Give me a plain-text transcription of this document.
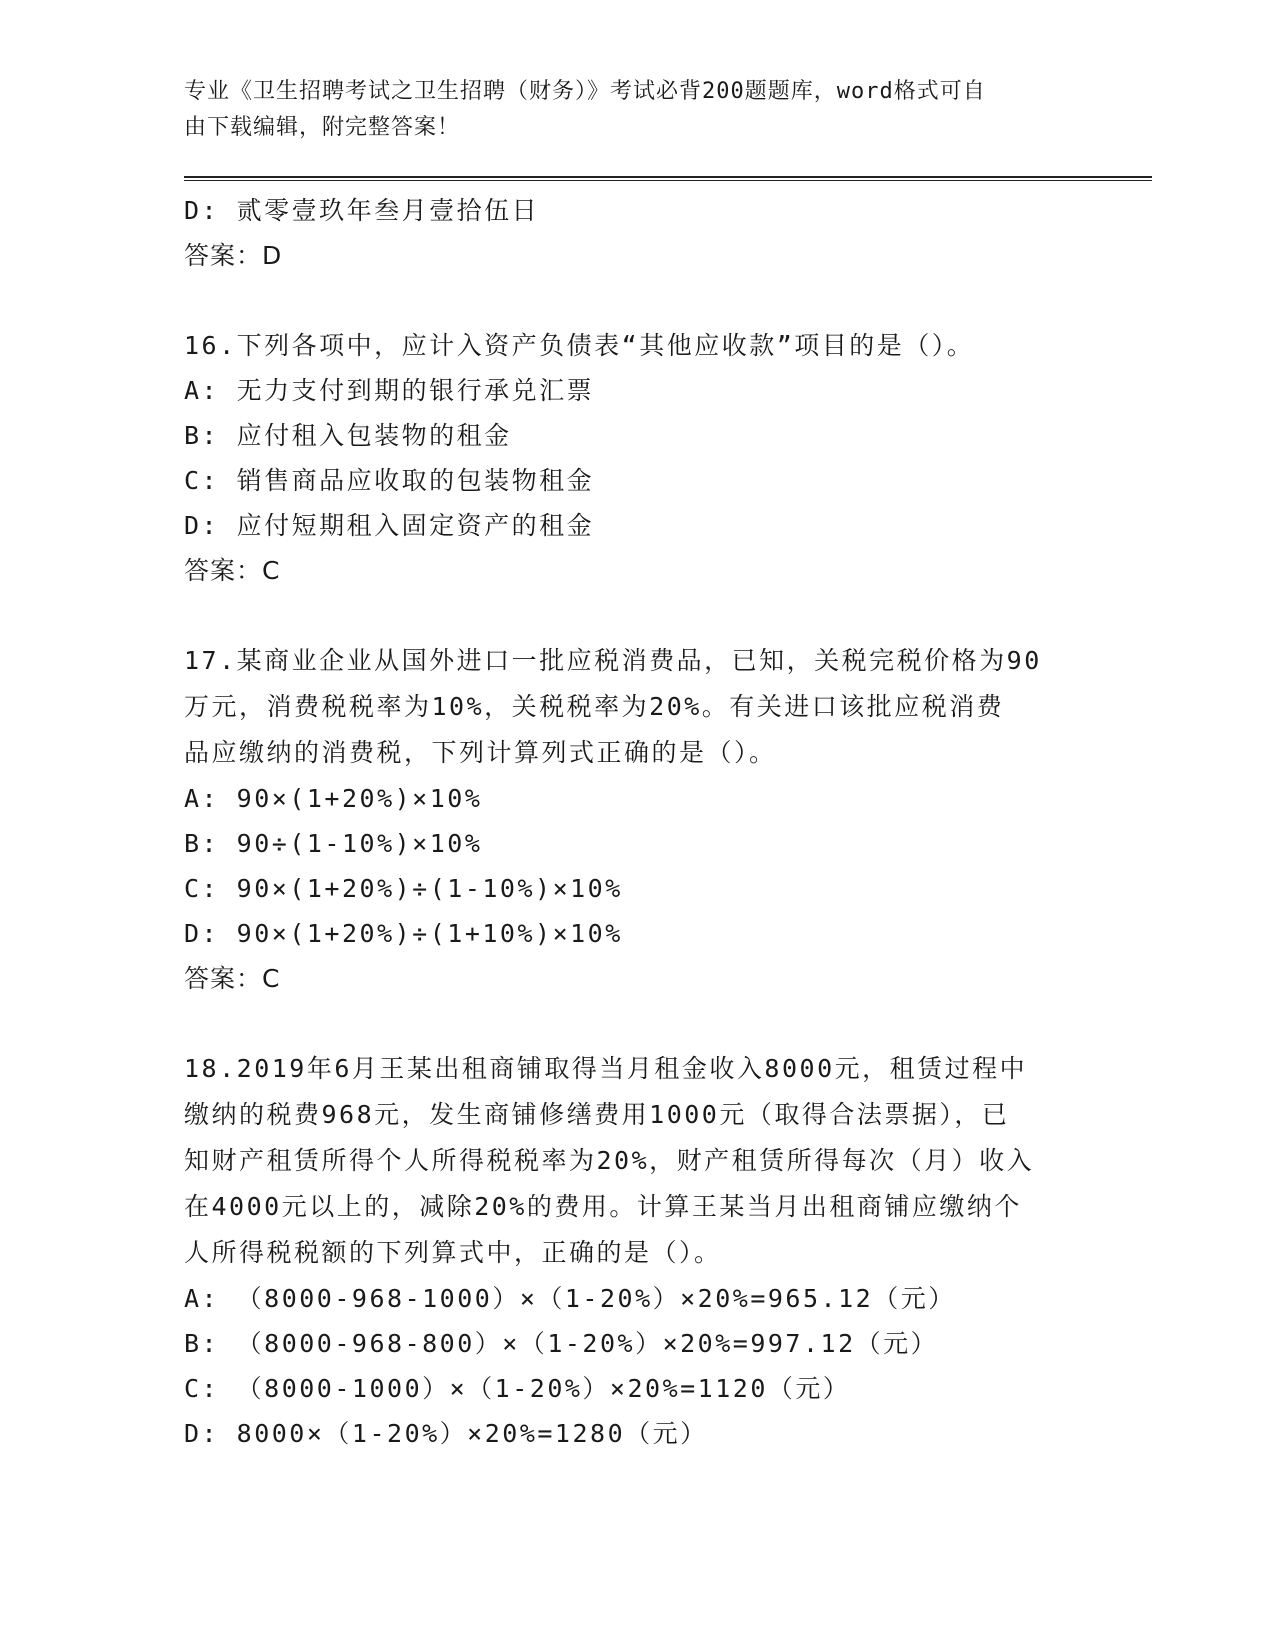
专业《卫生招聘考试之卫生招聘（财务）》考试必背200题题库，word格式可自
由下载编辑，附完整答案！
D: 贰零壹玖年叁月壹拾伍日
答案：D
16.下列各项中，应计入资产负债表“其他应收款”项目的是（）。
A: 无力支付到期的银行承兑汇票
B: 应付租入包装物的租金
C: 销售商品应收取的包装物租金
D: 应付短期租入固定资产的租金
答案：C
17.某商业企业从国外进口一批应税消费品，已知，关税完税价格为90
万元，消费税税率为10%，关税税率为20%。有关进口该批应税消费
品应缴纳的消费税，下列计算列式正确的是（）。
A: 90×(1+20%)×10%
B: 90÷(1-10%)×10%
C: 90×(1+20%)÷(1-10%)×10%
D: 90×(1+20%)÷(1+10%)×10%
答案：C
18.2019年6月王某出租商铺取得当月租金收入8000元，租赁过程中
缴纳的税费968元，发生商铺修缮费用1000元（取得合法票据），已
知财产租赁所得个人所得税税率为20%，财产租赁所得每次（月）收入
在4000元以上的，减除20%的费用。计算王某当月出租商铺应缴纳个
人所得税税额的下列算式中，正确的是（）。
A: （8000-968-1000）×（1-20%）×20%=965.12（元）
B: （8000-968-800）×（1-20%）×20%=997.12（元）
C: （8000-1000）×（1-20%）×20%=1120（元）
D: 8000×（1-20%）×20%=1280（元）
